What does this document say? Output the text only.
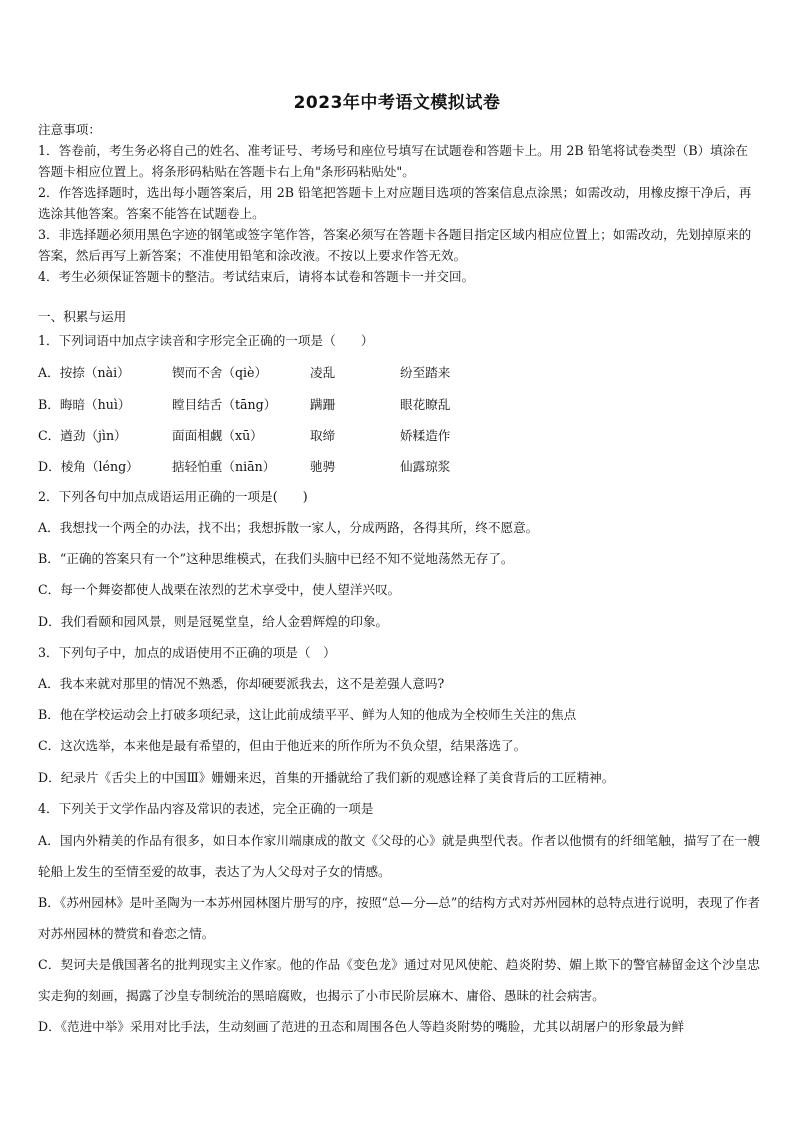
2023年中考语文模拟试卷
注意事项：
1．答卷前，考生务必将自己的姓名、准考证号、考场号和座位号填写在试题卷和答题卡上。用 2B 铅笔将试卷类型（B）填涂在答题卡相应位置上。将条形码粘贴在答题卡右上角"条形码粘贴处"。
2．作答选择题时，选出每小题答案后，用 2B 铅笔把答题卡上对应题目选项的答案信息点涂黑；如需改动，用橡皮擦干净后，再选涂其他答案。答案不能答在试题卷上。
3．非选择题必须用黑色字迹的钢笔或签字笔作答，答案必须写在答题卡各题目指定区域内相应位置上；如需改动，先划掉原来的答案，然后再写上新答案；不准使用铅笔和涂改液。不按以上要求作答无效。
4．考生必须保证答题卡的整洁。考试结束后，请将本试卷和答题卡一并交回。
一、积累与运用
1．下列词语中加点字读音和字形完全正确的一项是（　　）
A．按捺（nài）	锲而不舍（qiè）	凌乱	纷至踏来
B．晦暗（huì）	瞠目结舌（tāng）	蹒跚	眼花瞭乱
C．遒劲（jìn）	面面相觑（xū）	取缔	娇糅造作
D．棱角（léng）	掂轻怕重（niān）	驰骋	仙露琼浆
2．下列各句中加点成语运用正确的一项是(　　)
A．我想找一个两全的办法，找不出；我想拆散一家人，分成两路，各得其所，终不愿意。
B．“正确的答案只有一个”这种思维模式，在我们头脑中已经不知不觉地荡然无存了。
C．每一个舞姿都使人战栗在浓烈的艺术享受中，使人望洋兴叹。
D．我们看颐和园风景，则是冠冕堂皇，给人金碧辉煌的印象。
3．下列句子中，加点的成语使用不正确的项是（　）
A．我本来就对那里的情况不熟悉，你却硬要派我去，这不是差强人意吗?
B．他在学校运动会上打破多项纪录，这让此前成绩平平、鲜为人知的他成为全校师生关注的焦点
C．这次选举，本来他是最有希望的，但由于他近来的所作所为不负众望，结果落选了。
D．纪录片《舌尖上的中国Ⅲ》姗姗来迟，首集的开播就给了我们新的观感诠释了美食背后的工匠精神。
4．下列关于文学作品内容及常识的表述，完全正确的一项是
A．国内外精美的作品有很多，如日本作家川端康成的散文《父母的心》就是典型代表。作者以他惯有的纤细笔触，描写了在一艘轮船上发生的至情至爱的故事，表达了为人父母对子女的情感。
B．《苏州园林》是叶圣陶为一本苏州园林图片册写的序，按照“总—分—总”的结构方式对苏州园林的总特点进行说明，表现了作者对苏州园林的赞赏和眷恋之情。
C．契诃夫是俄国著名的批判现实主义作家。他的作品《变色龙》通过对见风使舵、趋炎附势、媚上欺下的警官赫留金这个沙皇忠实走狗的刻画，揭露了沙皇专制统治的黑暗腐败，也揭示了小市民阶层麻木、庸俗、愚昧的社会病害。
D．《范进中举》采用对比手法，生动刻画了范进的丑态和周围各色人等趋炎附势的嘴脸，尤其以胡屠户的形象最为鲜
